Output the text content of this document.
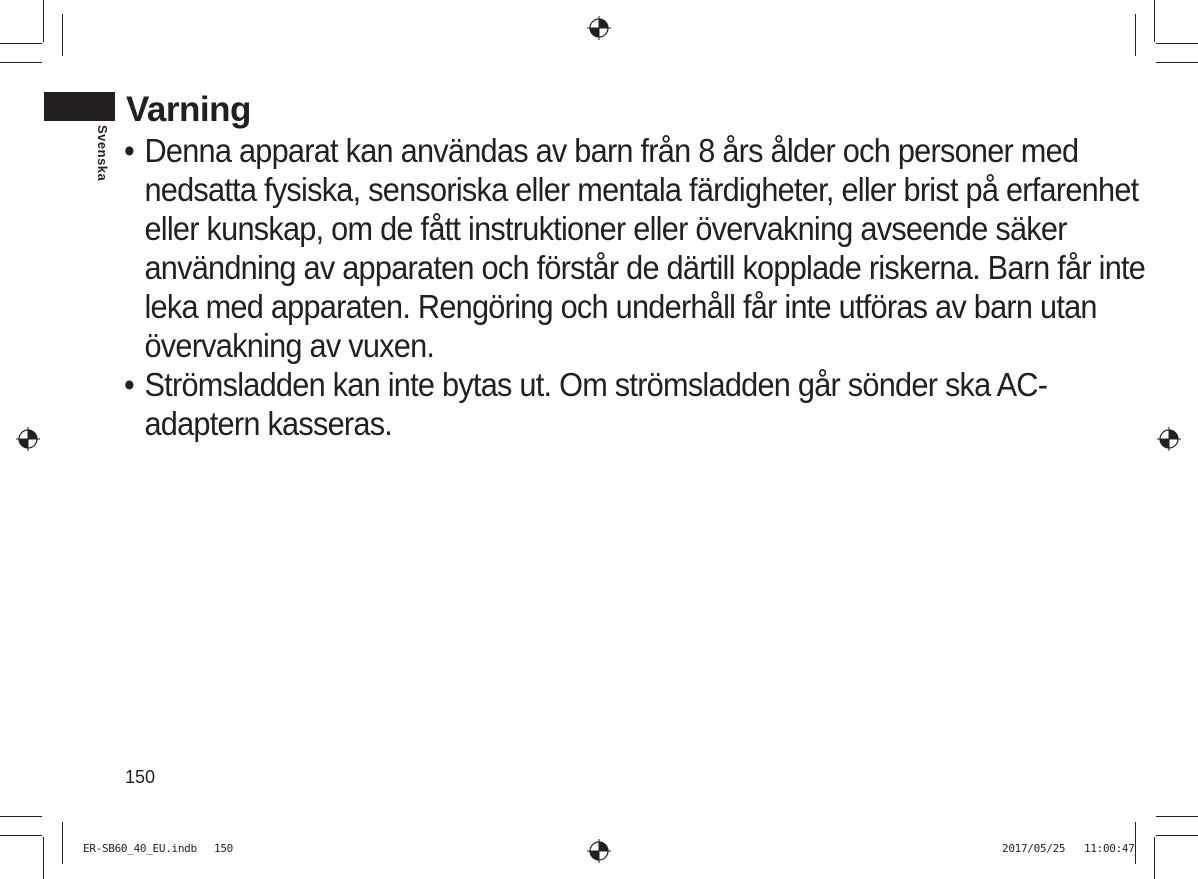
Svenska
Varning
• Denna apparat kan användas av barn från 8 års ålder och personer med nedsatta fysiska, sensoriska eller mentala färdigheter, eller brist på erfarenhet eller kunskap, om de fått instruktioner eller övervakning avseende säker användning av apparaten och förstår de därtill kopplade riskerna. Barn får inte leka med apparaten. Rengöring och underhåll får inte utföras av barn utan övervakning av vuxen.
• Strömsladden kan inte bytas ut. Om strömsladden går sönder ska AC-adaptern kasseras.
150
ER-SB60_40_EU.indb 150	2017/05/25 11:00:47
